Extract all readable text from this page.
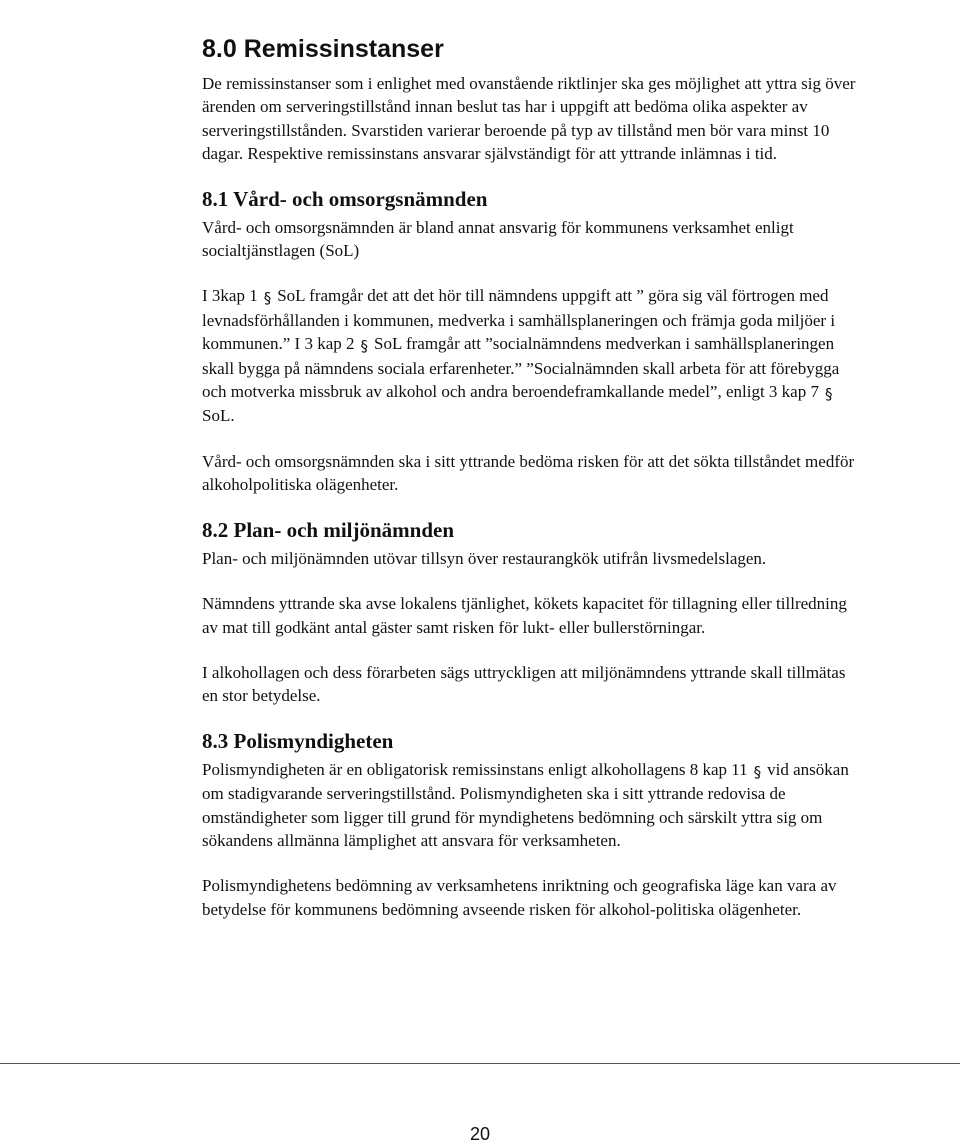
8.0 Remissinstanser

De remissinstanser som i enlighet med ovanstående riktlinjer ska ges möjlighet att yttra sig över ärenden om serveringstillstånd innan beslut tas har i uppgift att bedöma olika aspekter av serveringstillstånden. Svarstiden varierar beroende på typ av tillstånd men bör vara minst 10 dagar. Respektive remissinstans ansvarar självständigt för att yttrande inlämnas i tid.

8.1 Vård- och omsorgsnämnden

Vård- och omsorgsnämnden är bland annat ansvarig för kommunens verksamhet enligt socialtjänstlagen (SoL)

I 3kap 1 § SoL framgår det att det hör till nämndens uppgift att ” göra sig väl förtrogen med levnadsförhållanden i kommunen, medverka i samhällsplaneringen och främja goda miljöer i kommunen.” I 3 kap 2 § SoL framgår att ”socialnämndens medverkan i samhällsplaneringen skall bygga på nämndens sociala erfarenheter.” ”Socialnämnden skall arbeta för att förebygga och motverka missbruk av alkohol och andra beroendeframkallande medel”, enligt 3 kap 7 §
SoL.

Vård- och omsorgsnämnden ska i sitt yttrande bedöma risken för att det sökta tillståndet medför alkoholpolitiska olägenheter.

8.2 Plan- och miljönämnden

Plan- och miljönämnden utövar tillsyn över restaurangkök utifrån livsmedelslagen.

Nämndens yttrande ska avse lokalens tjänlighet, kökets kapacitet för tillagning eller tillredning av mat till godkänt antal gäster samt risken för lukt- eller bullerstörningar.

I alkohollagen och dess förarbeten sägs uttryckligen att miljönämndens yttrande skall tillmätas en stor betydelse.

8.3 Polismyndigheten

Polismyndigheten är en obligatorisk remissinstans enligt alkohollagens 8 kap 11 § vid ansökan om stadigvarande serveringstillstånd. Polismyndigheten ska i sitt yttrande redovisa de omständigheter som ligger till grund för myndighetens bedömning och särskilt yttra sig om sökandens allmänna lämplighet att ansvara för verksamheten.

Polismyndighetens bedömning av verksamhetens inriktning och geografiska läge kan vara av betydelse för kommunens bedömning avseende risken för alkohol-politiska olägenheter.

20
